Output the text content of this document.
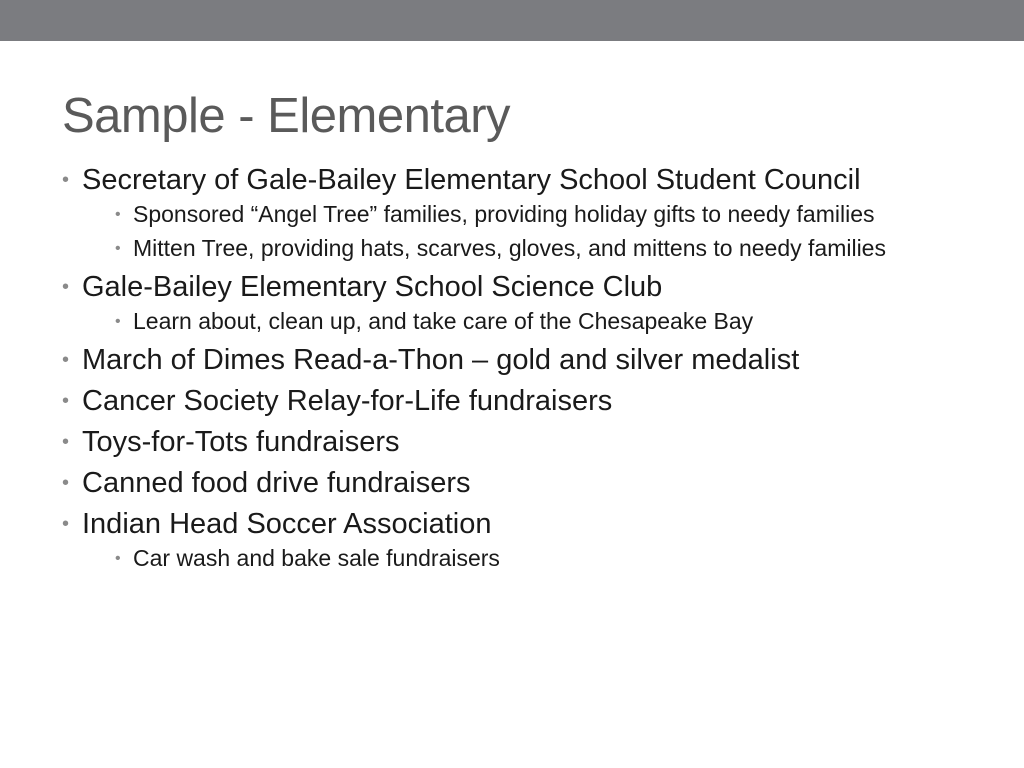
Sample - Elementary
• Secretary of Gale-Bailey Elementary School Student Council
• Sponsored “Angel Tree” families, providing holiday gifts to needy families
• Mitten Tree, providing hats, scarves, gloves, and mittens to needy families
• Gale-Bailey Elementary School Science Club
• Learn about, clean up, and take care of the Chesapeake Bay
• March of Dimes Read-a-Thon – gold and silver medalist
• Cancer Society Relay-for-Life fundraisers
• Toys-for-Tots fundraisers
• Canned food drive fundraisers
• Indian Head Soccer Association
• Car wash and bake sale fundraisers
